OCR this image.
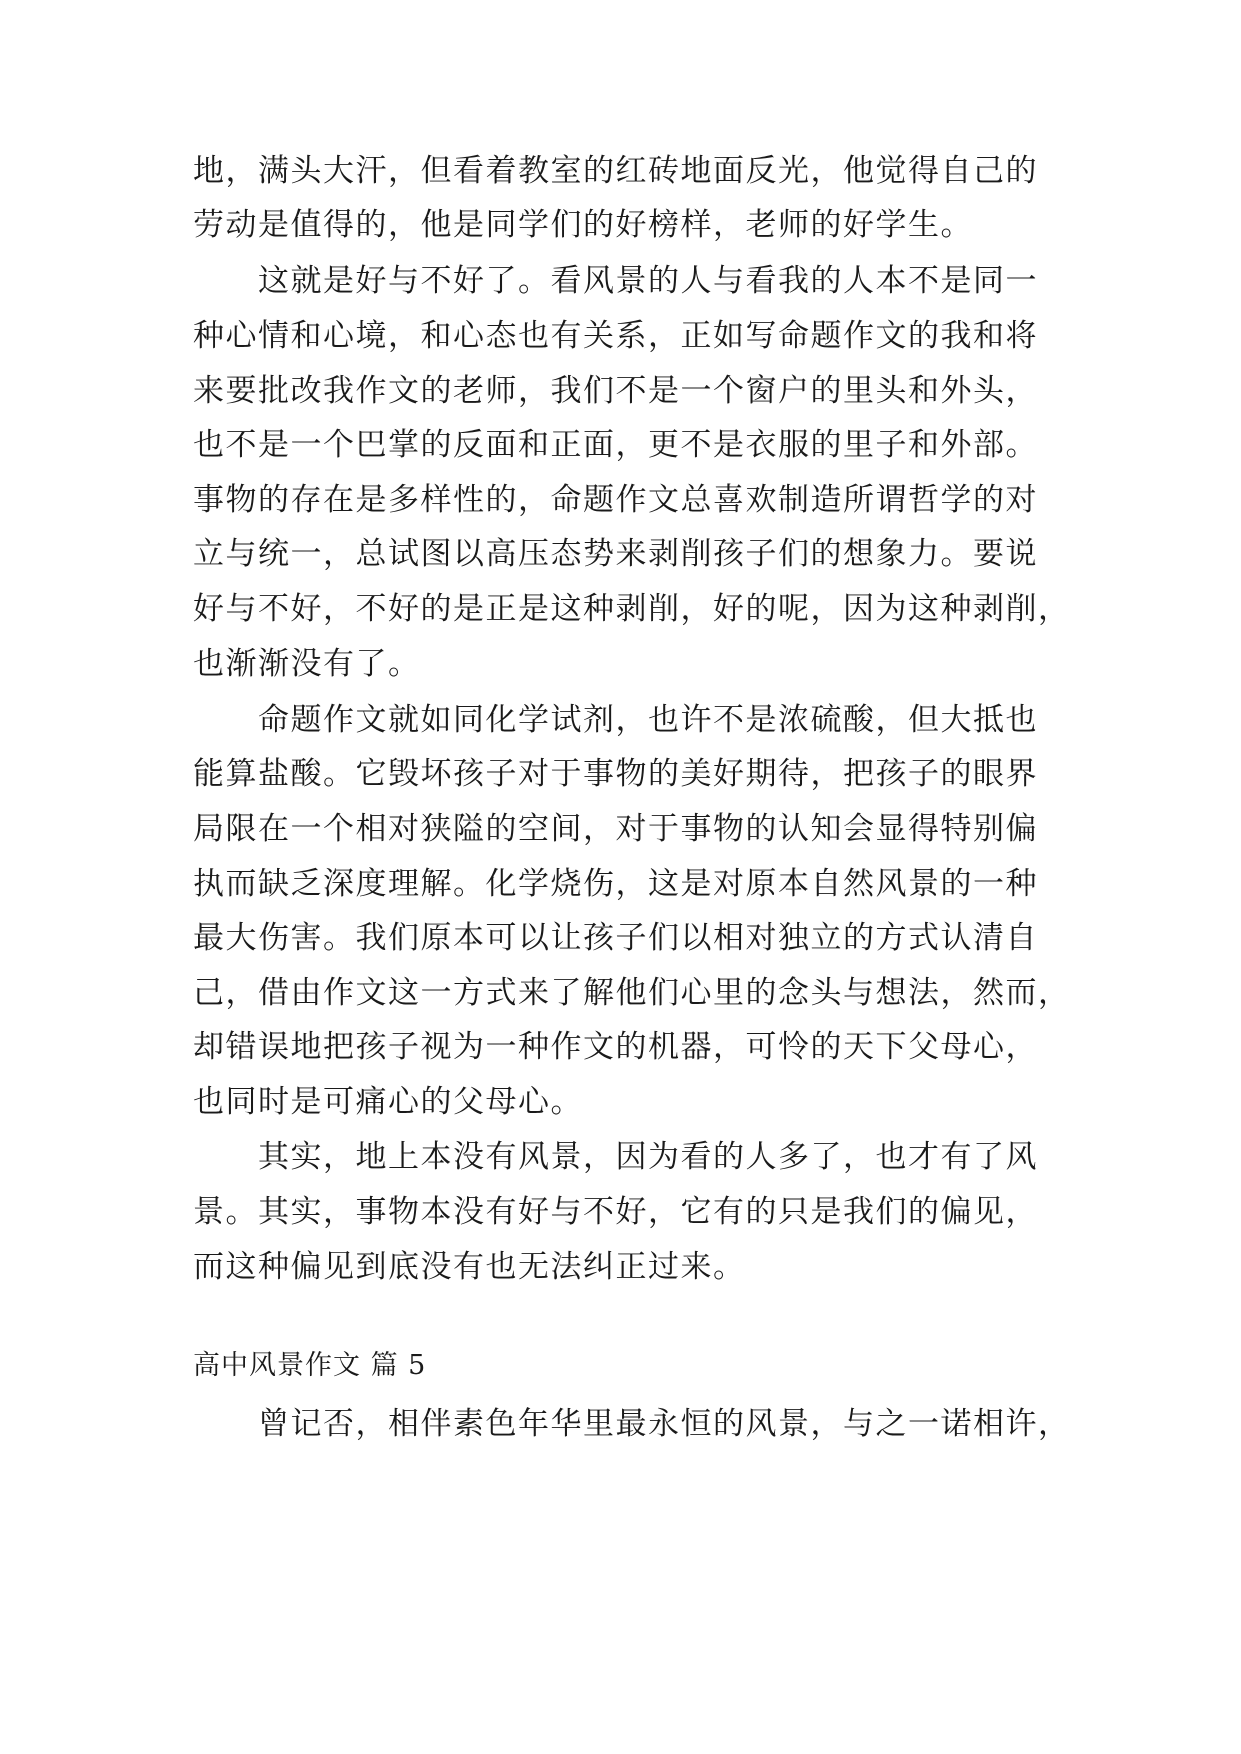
地，满头大汗，但看着教室的红砖地面反光，他觉得自己的
劳动是值得的，他是同学们的好榜样，老师的好学生。
这就是好与不好了。看风景的人与看我的人本不是同一
种心情和心境，和心态也有关系，正如写命题作文的我和将
来要批改我作文的老师，我们不是一个窗户的里头和外头，
也不是一个巴掌的反面和正面，更不是衣服的里子和外部。
事物的存在是多样性的，命题作文总喜欢制造所谓哲学的对
立与统一，总试图以高压态势来剥削孩子们的想象力。要说
好与不好，不好的是正是这种剥削，好的呢，因为这种剥削，
也渐渐没有了。
命题作文就如同化学试剂，也许不是浓硫酸，但大抵也
能算盐酸。它毁坏孩子对于事物的美好期待，把孩子的眼界
局限在一个相对狭隘的空间，对于事物的认知会显得特别偏
执而缺乏深度理解。化学烧伤，这是对原本自然风景的一种
最大伤害。我们原本可以让孩子们以相对独立的方式认清自
己，借由作文这一方式来了解他们心里的念头与想法，然而，
却错误地把孩子视为一种作文的机器，可怜的天下父母心，
也同时是可痛心的父母心。
其实，地上本没有风景，因为看的人多了，也才有了风
景。其实，事物本没有好与不好，它有的只是我们的偏见，
而这种偏见到底没有也无法纠正过来。
高中风景作文 篇 5
曾记否，相伴素色年华里最永恒的风景，与之一诺相许，
